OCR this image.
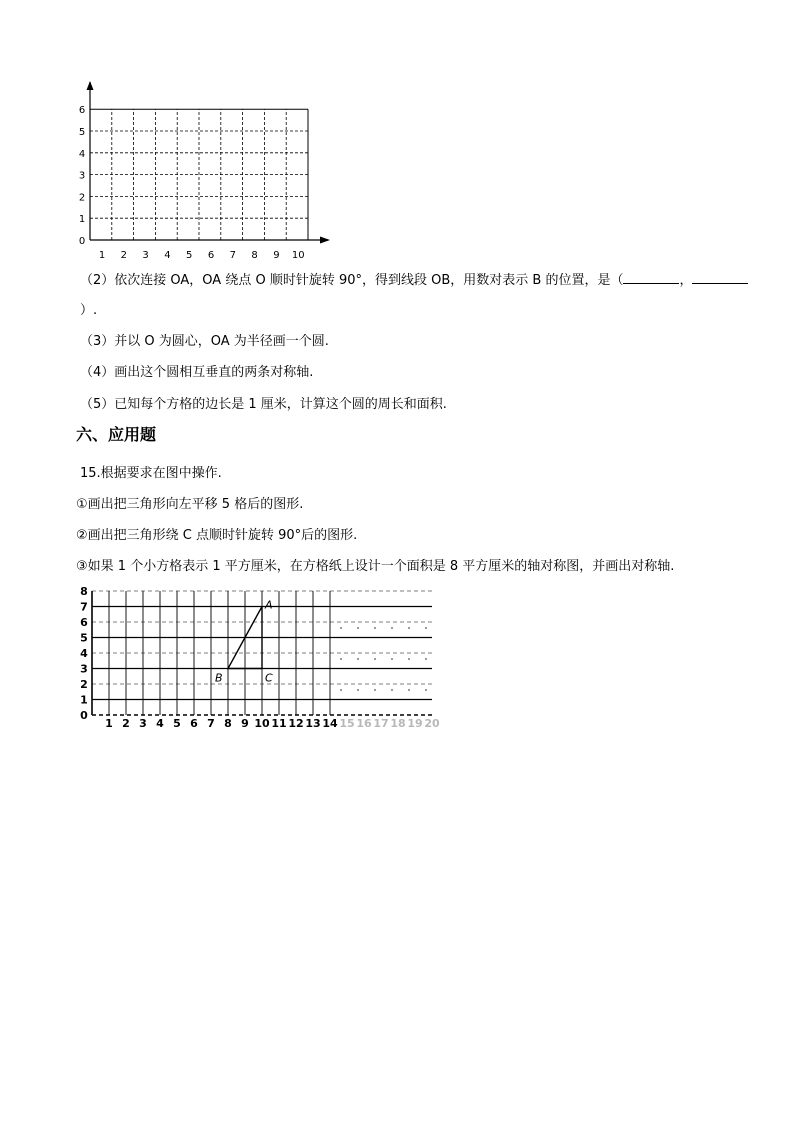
0
1
2
3
4
5
6
1 2 3 4 5 6 7 8 9 10
（2）依次连接 OA，OA 绕点 O 顺时针旋转 90°，得到线段 OB，用数对表示 B 的位置，是（	，
）.
（3）并以 O 为圆心，OA 为半径画一个圆.
（4）画出这个圆相互垂直的两条对称轴.
（5）已知每个方格的边长是 1 厘米，计算这个圆的周长和面积.
六、应用题
15.根据要求在图中操作.
①画出把三角形向左平移 5 格后的图形.
②画出把三角形绕 C 点顺时针旋转 90°后的图形.
③如果 1 个小方格表示 1 平方厘米，在方格纸上设计一个面积是 8 平方厘米的轴对称图，并画出对称轴.
0
1
2
3
4
5
6
7
8
1 2 3 4 5 6 7 8 9 10 11 12 13 14 15 16 17 18 19 20
A
B	C
